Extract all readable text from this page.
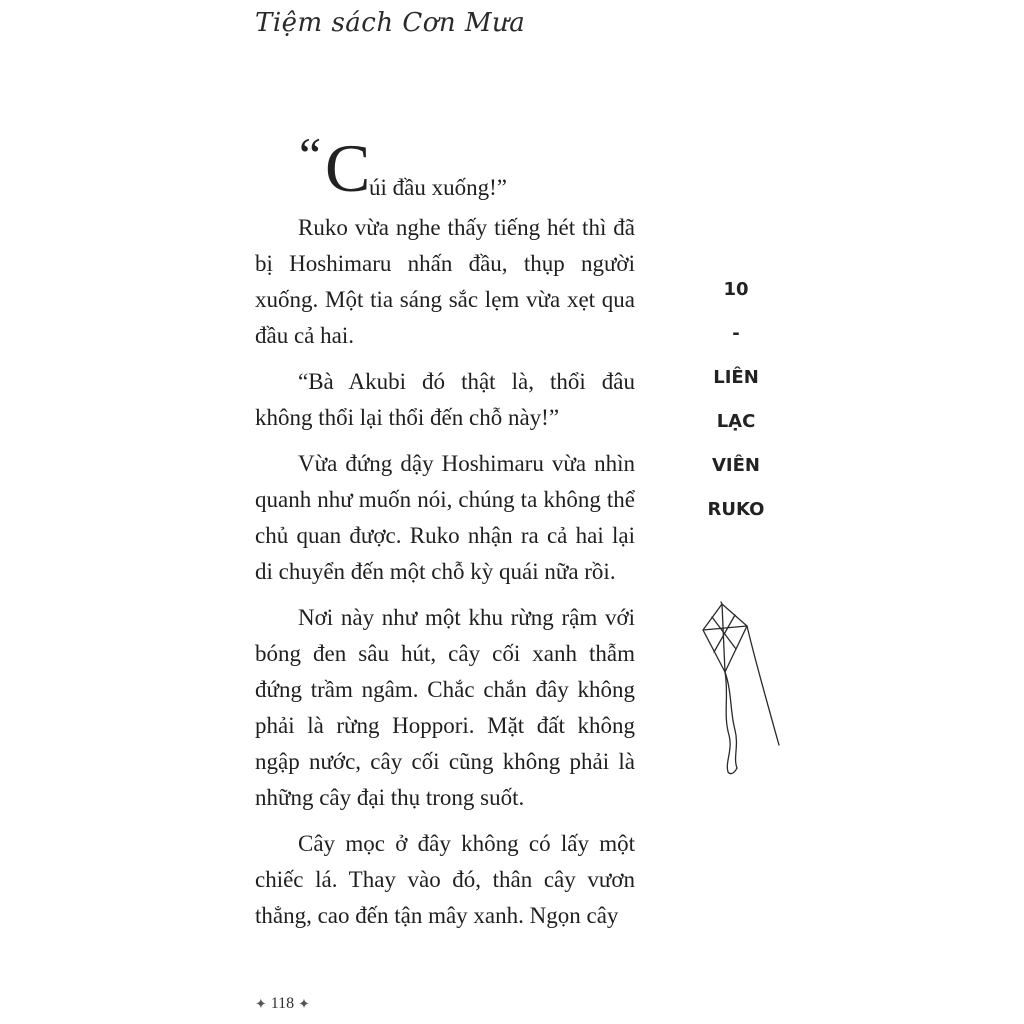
Tiệm sách Cơn Mưa

“ C
úi đầu xuống!”

Ruko vừa nghe thấy tiếng hét thì đã bị Hoshimaru nhấn đầu, thụp người xuống. Một tia sáng sắc lẹm vừa xẹt qua đầu cả hai.

“Bà Akubi đó thật là, thổi đâu không thổi lại thổi đến chỗ này!”

Vừa đứng dậy Hoshimaru vừa nhìn quanh như muốn nói, chúng ta không thể chủ quan được. Ruko nhận ra cả hai lại di chuyển đến một chỗ kỳ quái nữa rồi.

Nơi này như một khu rừng rậm với bóng đen sâu hút, cây cối xanh thẫm đứng trầm ngâm. Chắc chắn đây không phải là rừng Hoppori. Mặt đất không ngập nước, cây cối cũng không phải là những cây đại thụ trong suốt.

Cây mọc ở đây không có lấy một chiếc lá. Thay vào đó, thân cây vươn thẳng, cao đến tận mây xanh. Ngọn cây

10
-
LIÊN
LẠC
VIÊN
RUKO
✦ 118 ✦
